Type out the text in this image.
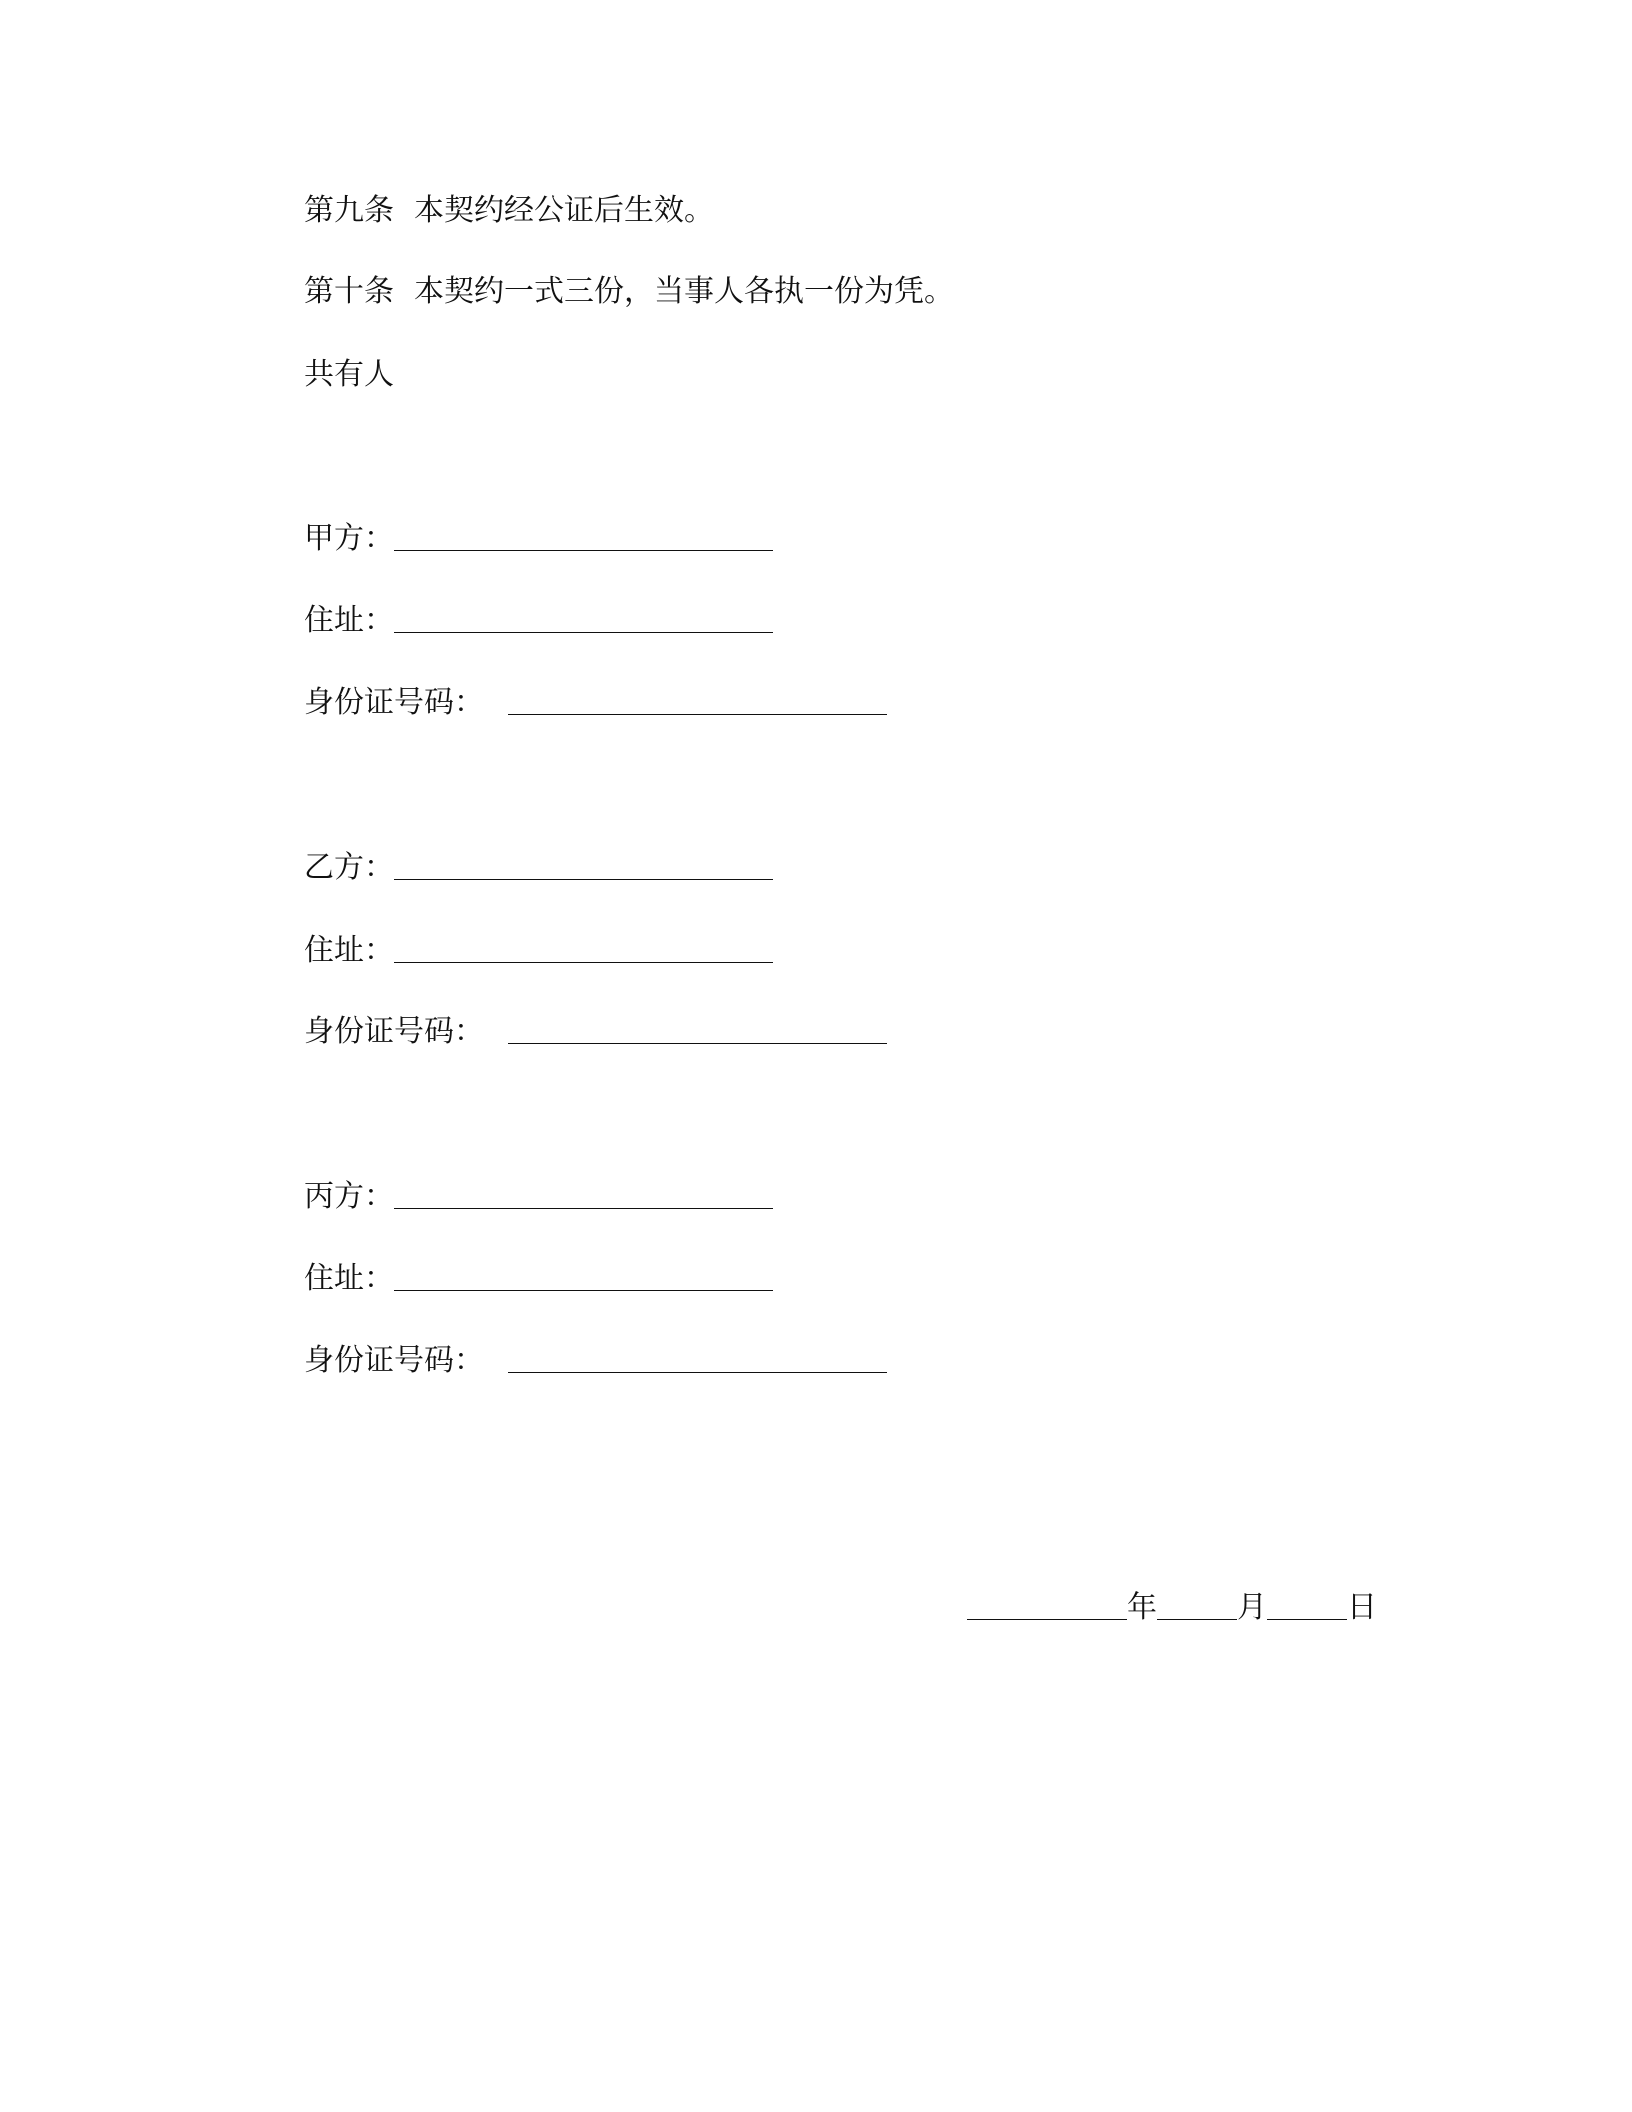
第九条 本契约经公证后生效。
第十条 本契约一式三份，当事人各执一份为凭。
共有人
甲方：
住址：
身份证号码：
乙方：
住址：
身份证号码：
丙方：
住址：
身份证号码：
年	月	日
